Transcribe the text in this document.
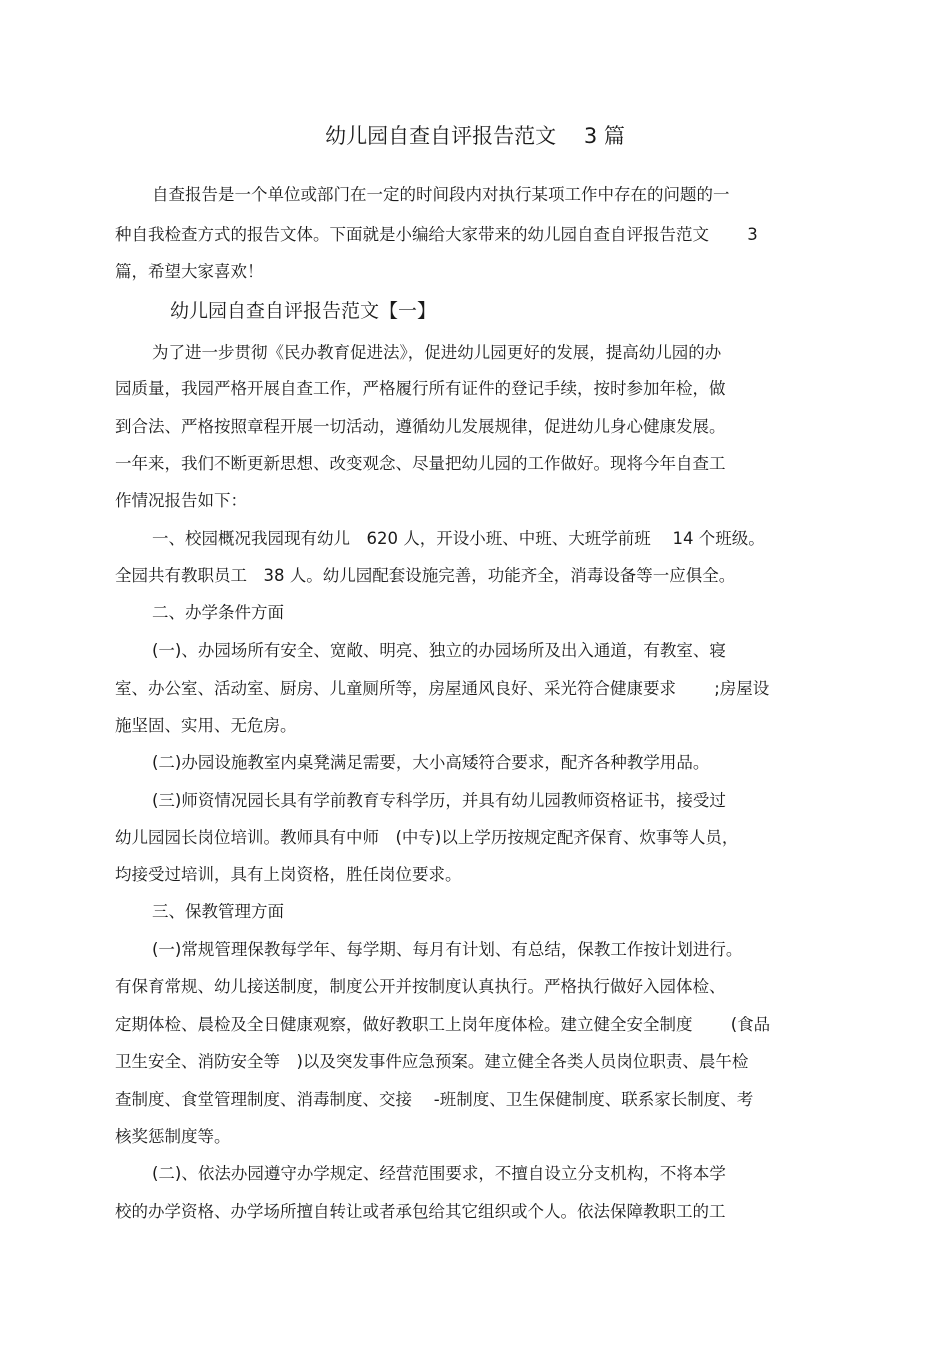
幼儿园自查自评报告范文　 3 篇
自查报告是一个单位或部门在一定的时间段内对执行某项工作中存在的问题的一
种自我检查方式的报告文体。下面就是小编给大家带来的幼儿园自查自评报告范文　　 3
篇，希望大家喜欢！
幼儿园自查自评报告范文【一】
为了进一步贯彻《民办教育促进法》，促进幼儿园更好的发展，提高幼儿园的办
园质量，我园严格开展自查工作，严格履行所有证件的登记手续，按时参加年检，做
到合法、严格按照章程开展一切活动，遵循幼儿发展规律，促进幼儿身心健康发展。
一年来，我们不断更新思想、改变观念、尽量把幼儿园的工作做好。现将今年自查工
作情况报告如下：
一、校园概况我园现有幼儿　620 人，开设小班、中班、大班学前班　 14 个班级。
全园共有教职员工　38 人。幼儿园配套设施完善，功能齐全，消毒设备等一应俱全。
二、办学条件方面
(一)、办园场所有安全、宽敞、明亮、独立的办园场所及出入通道，有教室、寝
室、办公室、活动室、厨房、儿童厕所等，房屋通风良好、采光符合健康要求　　 ;房屋设
施坚固、实用、无危房。
(二)办园设施教室内桌凳满足需要，大小高矮符合要求，配齐各种教学用品。
(三)师资情况园长具有学前教育专科学历，并具有幼儿园教师资格证书，接受过
幼儿园园长岗位培训。教师具有中师　(中专)以上学历按规定配齐保育、炊事等人员，
均接受过培训，具有上岗资格，胜任岗位要求。
三、保教管理方面
(一)常规管理保教每学年、每学期、每月有计划、有总结，保教工作按计划进行。
有保育常规、幼儿接送制度，制度公开并按制度认真执行。严格执行做好入园体检、
定期体检、晨检及全日健康观察，做好教职工上岗年度体检。建立健全安全制度　　 (食品
卫生安全、消防安全等　)以及突发事件应急预案。建立健全各类人员岗位职责、晨午检
查制度、食堂管理制度、消毒制度、交接　 -班制度、卫生保健制度、联系家长制度、考
核奖惩制度等。
(二)、依法办园遵守办学规定、经营范围要求，不擅自设立分支机构，不将本学
校的办学资格、办学场所擅自转让或者承包给其它组织或个人。依法保障教职工的工
